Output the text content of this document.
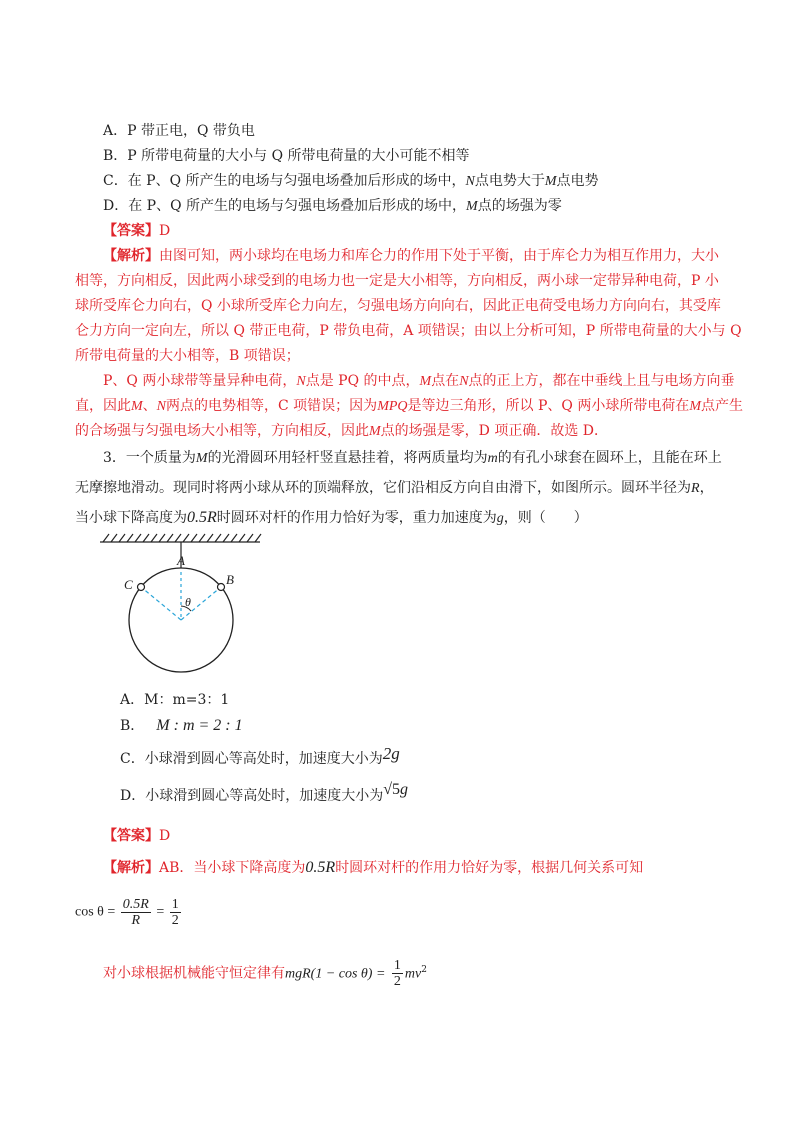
A．P 带正电，Q 带负电
B．P 所带电荷量的大小与 Q 所带电荷量的大小可能不相等
C．在 P、Q 所产生的电场与匀强电场叠加后形成的场中，N点电势大于M点电势
D．在 P、Q 所产生的电场与匀强电场叠加后形成的场中，M点的场强为零
【答案】D
【解析】由图可知，两小球均在电场力和库仑力的作用下处于平衡，由于库仑力为相互作用力，大小
相等，方向相反，因此两小球受到的电场力也一定是大小相等，方向相反，两小球一定带异种电荷，P 小
球所受库仑力向右，Q 小球所受库仑力向左，匀强电场方向向右，因此正电荷受电场力方向向右，其受库
仑力方向一定向左，所以 Q 带正电荷，P 带负电荷，A 项错误；由以上分析可知，P 所带电荷量的大小与 Q
所带电荷量的大小相等，B 项错误；
P、Q 两小球带等量异种电荷，N点是 PQ 的中点，M点在N点的正上方，都在中垂线上且与电场方向垂
直，因此M、N两点的电势相等，C 项错误；因为MPQ是等边三角形，所以 P、Q 两小球所带电荷在M点产生
的合场强与匀强电场大小相等，方向相反，因此M点的场强是零，D 项正确．故选 D．
3．一个质量为M的光滑圆环用轻杆竖直悬挂着，将两质量均为m的有孔小球套在圆环上，且能在环上
无摩擦地滑动。现同时将两小球从环的顶端释放，它们沿相反方向自由滑下，如图所示。圆环半径为R，
当小球下降高度为0.5R时圆环对杆的作用力恰好为零，重力加速度为g，则（　　）
A
B
C
θ
A．M：m=3：1
B． M : m = 2 : 1
C．小球滑到圆心等高处时，加速度大小为2g
D．小球滑到圆心等高处时，加速度大小为√5g
【答案】D
【解析】AB．当小球下降高度为0.5R时圆环对杆的作用力恰好为零，根据几何关系可知
$\cos \theta = \frac{0.5R}{R} = \frac{1}{2}$
对小球根据机械能守恒定律有$mgR(1 - \cos \theta) = \frac{1}{2} mv^2$
